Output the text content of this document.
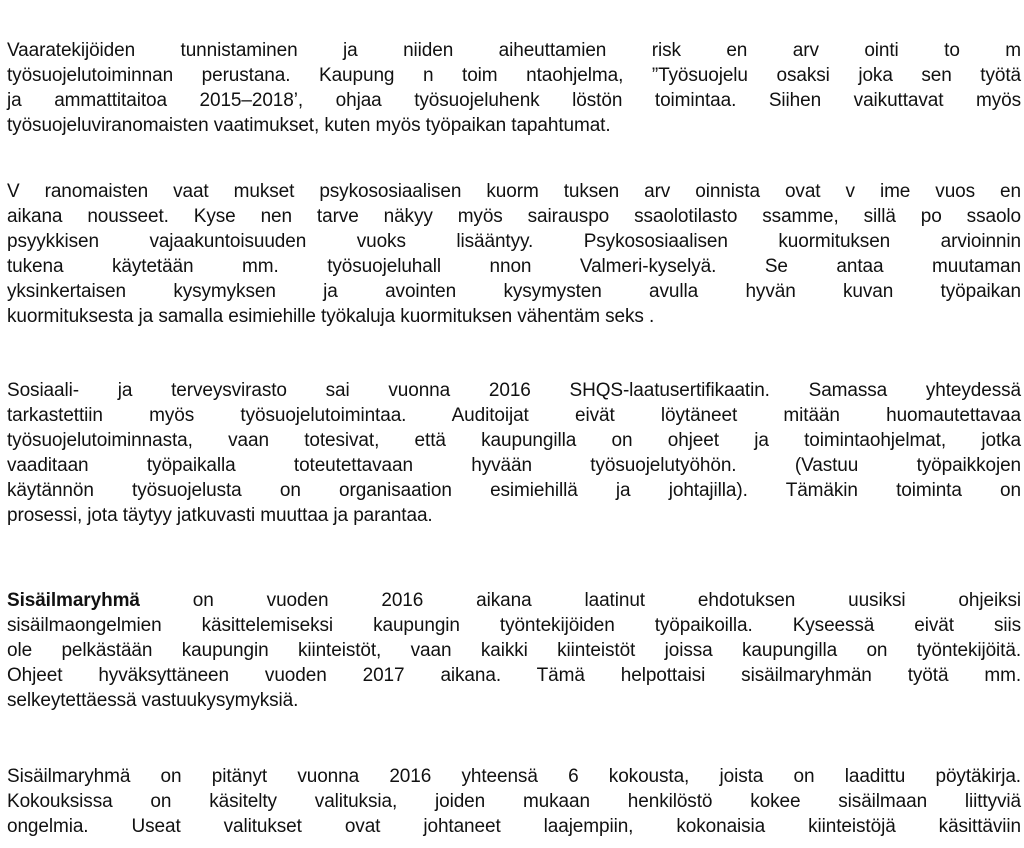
Vaaratekijöiden tunnistaminen ja niiden aiheuttamien risk en arv ointi to m
työsuojelutoiminnan perustana. Kaupung n toim ntaohjelma, ”Työsuojelu osaksi joka sen työtä
ja ammattitaitoa 2015–2018’, ohjaa työsuojeluhenk löstön toimintaa. Siihen vaikuttavat myös
työsuojeluviranomaisten vaatimukset, kuten myös työpaikan tapahtumat.
V ranomaisten vaat mukset psykososiaalisen kuorm tuksen arv oinnista ovat v ime vuos en
aikana nousseet. Kyse nen tarve näkyy myös sairauspo ssaolotilasto ssamme, sillä po ssaolo
psyykkisen vajaakuntoisuuden vuoks lisääntyy. Psykososiaalisen kuormituksen arvioinnin
tukena käytetään mm. työsuojeluhall nnon Valmeri-kyselyä. Se antaa muutaman
yksinkertaisen kysymyksen ja avointen kysymysten avulla hyvän kuvan työpaikan
kuormituksesta ja samalla esimiehille työkaluja kuormituksen vähentäm seks .
Sosiaali- ja terveysvirasto sai vuonna 2016 SHQS-laatusertifikaatin. Samassa yhteydessä
tarkastettiin myös työsuojelutoimintaa. Auditoijat eivät löytäneet mitään huomautettavaa
työsuojelutoiminnasta, vaan totesivat, että kaupungilla on ohjeet ja toimintaohjelmat, jotka
vaaditaan työpaikalla toteutettavaan hyvään työsuojelutyöhön. (Vastuu työpaikkojen
käytännön työsuojelusta on organisaation esimiehillä ja johtajilla). Tämäkin toiminta on
prosessi, jota täytyy jatkuvasti muuttaa ja parantaa.
Sisäilmaryhmä on vuoden 2016 aikana laatinut ehdotuksen uusiksi ohjeiksi
sisäilmaongelmien käsittelemiseksi kaupungin työntekijöiden työpaikoilla. Kyseessä eivät siis
ole pelkästään kaupungin kiinteistöt, vaan kaikki kiinteistöt joissa kaupungilla on työntekijöitä.
Ohjeet hyväksyttäneen vuoden 2017 aikana. Tämä helpottaisi sisäilmaryhmän työtä mm.
selkeytettäessä vastuukysymyksiä.
Sisäilmaryhmä on pitänyt vuonna 2016 yhteensä 6 kokousta, joista on laadittu pöytäkirja.
Kokouksissa on käsitelty valituksia, joiden mukaan henkilöstö kokee sisäilmaan liittyviä
ongelmia. Useat valitukset ovat johtaneet laajempiin, kokonaisia kiinteistöjä käsittäviin
